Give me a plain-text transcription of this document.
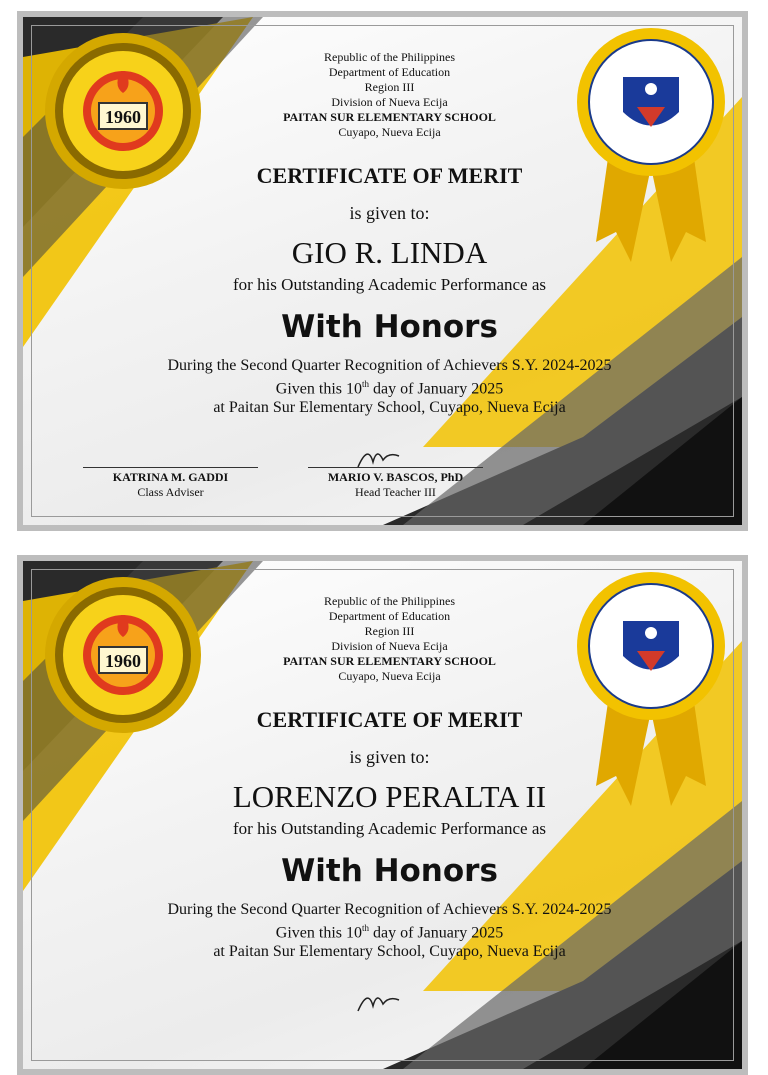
1960
Republic of the Philippines
Department of Education
Region III
Division of Nueva Ecija
PAITAN SUR ELEMENTARY SCHOOL
Cuyapo, Nueva Ecija
CERTIFICATE OF MERIT
is given to:
GIO R. LINDA
for his Outstanding Academic Performance as
With Honors
During the Second Quarter Recognition of Achievers S.Y. 2024-2025
Given this 10th day of January 2025
at Paitan Sur Elementary School, Cuyapo, Nueva Ecija
KATRINA M. GADDI
Class Adviser
MARIO V. BASCOS, PhD
Head Teacher III
1960
Republic of the Philippines
Department of Education
Region III
Division of Nueva Ecija
PAITAN SUR ELEMENTARY SCHOOL
Cuyapo, Nueva Ecija
CERTIFICATE OF MERIT
is given to:
LORENZO PERALTA II
for his Outstanding Academic Performance as
With Honors
During the Second Quarter Recognition of Achievers S.Y. 2024-2025
Given this 10th day of January 2025
at Paitan Sur Elementary School, Cuyapo, Nueva Ecija
